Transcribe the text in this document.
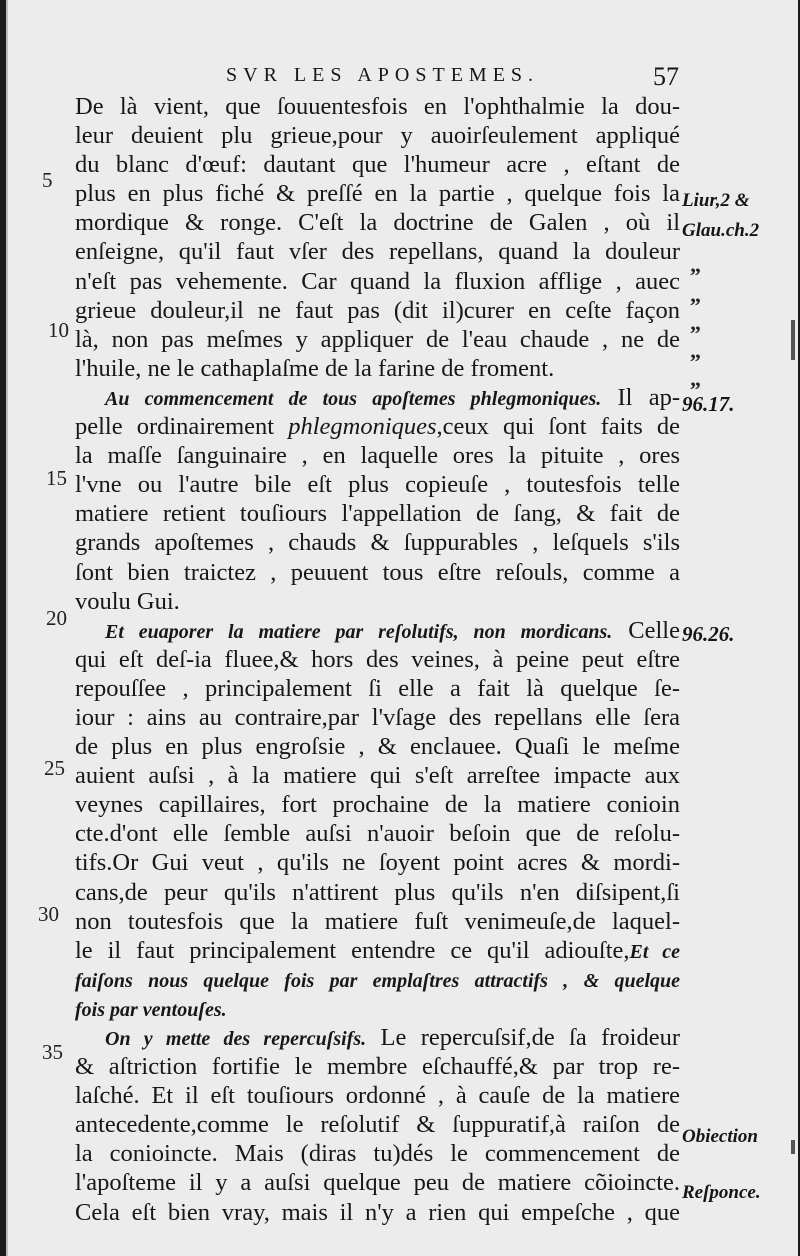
SVR LES APOSTEMES.	57
De là vient, que ſouuentesfois en l'ophthalmie la dou-
leur deuient plu grieue,pour y auoirſeulement appliqué
du blanc d'œuf: dautant que l'humeur acre , eſtant de
plus en plus fiché & preſſé en la partie , quelque fois la
mordique & ronge. C'eſt la doctrine de Galen , où il
enſeigne, qu'il faut vſer des repellans, quand la douleur
n'eſt pas vehemente. Car quand la fluxion afflige , auec
grieue douleur,il ne faut pas (dit il)curer en ceſte façon
là, non pas meſmes y appliquer de l'eau chaude , ne de
l'huile, ne le cathaplaſme de la farine de froment.
Au commencement de tous apoſtemes phlegmoniques. Il ap-
pelle ordinairement phlegmoniques,ceux qui ſont faits de
la maſſe ſanguinaire , en laquelle ores la pituite , ores
l'vne ou l'autre bile eſt plus copieuſe , toutesfois telle
matiere retient touſiours l'appellation de ſang, & fait de
grands apoſtemes , chauds & ſuppurables , leſquels s'ils
ſont bien traictez , peuuent tous eſtre reſouls, comme a
voulu Gui.
Et euaporer la matiere par reſolutifs, non mordicans. Celle
qui eſt deſ-ia fluee,& hors des veines, à peine peut eſtre
repouſſee , principalement ſi elle a fait là quelque ſe-
iour : ains au contraire,par l'vſage des repellans elle ſera
de plus en plus engroſsie , & enclauee. Quaſi le meſme
auient auſsi , à la matiere qui s'eſt arreſtee impacte aux
veynes capillaires, fort prochaine de la matiere conioin
cte.d'ont elle ſemble auſsi n'auoir beſoin que de reſolu-
tifs.Or Gui veut , qu'ils ne ſoyent point acres & mordi-
cans,de peur qu'ils n'attirent plus qu'ils n'en diſsipent,ſi
non toutesfois que la matiere fuſt venimeuſe,de laquel-
le il faut principalement entendre ce qu'il adiouſte,Et ce
faiſons nous quelque fois par emplaſtres attractifs , & quelque
fois par ventouſes.
On y mette des repercuſsifs. Le repercuſsif,de ſa froideur
& aſtriction fortifie le membre eſchauffé,& par trop re-
laſché. Et il eſt touſiours ordonné , à cauſe de la matiere
antecedente,comme le reſolutif & ſuppuratif,à raiſon de
la conioincte. Mais (diras tu)dés le commencement de
l'apoſteme il y a auſsi quelque peu de matiere cõioincte.
Cela eſt bien vray, mais il n'y a rien qui empeſche , que
5
10
15
20
25
30
35
Liur,2 &
Glau.ch.2
96.17.
96.26.
Obiection
Reſponce.
„
„
„
„
„
